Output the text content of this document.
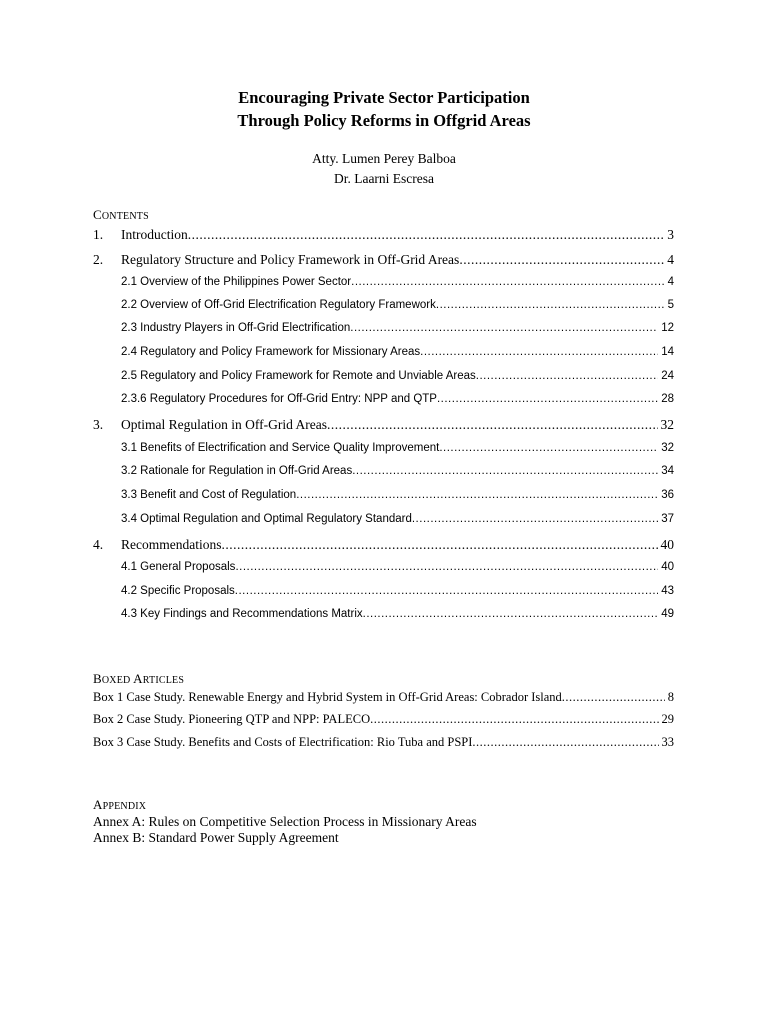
Encouraging Private Sector Participation
Through Policy Reforms in Offgrid Areas
Atty. Lumen Perey Balboa
Dr. Laarni Escresa
CONTENTS
1.	Introduction .....	3
2.	Regulatory Structure and Policy Framework in Off-Grid Areas .....	4
2.1 Overview of the Philippines Power Sector .....	4
2.2 Overview of Off-Grid Electrification Regulatory Framework .....	5
2.3 Industry Players in Off-Grid Electrification .....	12
2.4 Regulatory and Policy Framework for Missionary Areas .....	14
2.5 Regulatory and Policy Framework for Remote and Unviable Areas .....	24
2.3.6 Regulatory Procedures for Off-Grid Entry: NPP and QTP .....	28
3.	Optimal Regulation in Off-Grid Areas .....	32
3.1 Benefits of Electrification and Service Quality Improvement .....	32
3.2 Rationale for Regulation in Off-Grid Areas .....	34
3.3 Benefit and Cost of Regulation .....	36
3.4 Optimal Regulation and Optimal Regulatory Standard .....	37
4.	Recommendations .....	40
4.1 General Proposals .....	40
4.2 Specific Proposals .....	43
4.3 Key Findings and Recommendations Matrix .....	49
BOXED ARTICLES
Box 1 Case Study. Renewable Energy and Hybrid System in Off-Grid Areas: Cobrador Island .....	8
Box 2 Case Study. Pioneering QTP and NPP: PALECO .....	29
Box 3 Case Study. Benefits and Costs of Electrification: Rio Tuba and PSPI .....	33
APPENDIX
Annex A: Rules on Competitive Selection Process in Missionary Areas
Annex B: Standard Power Supply Agreement
